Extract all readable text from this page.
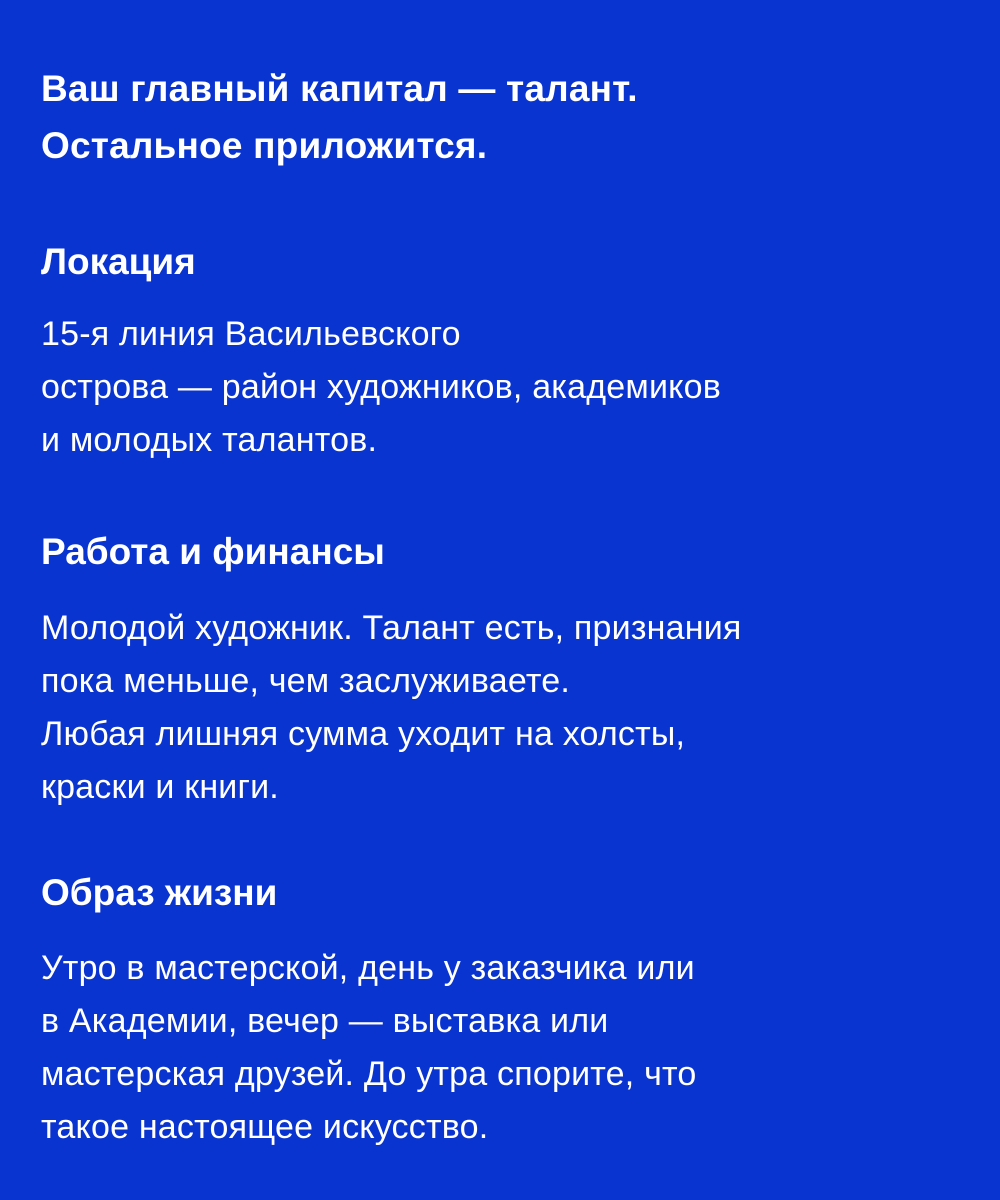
Ваш главный капитал — талант.
Остальное приложится.
Локация

15-я линия Васильевского
острова — район художников, академиков
и молодых талантов.

Работа и финансы

Молодой художник. Талант есть, признания
пока меньше, чем заслуживаете.
Любая лишняя сумма уходит на холсты,
краски и книги.

Образ жизни

Утро в мастерской, день у заказчика или
в Академии, вечер — выставка или
мастерская друзей. До утра спорите, что
такое настоящее искусство.
